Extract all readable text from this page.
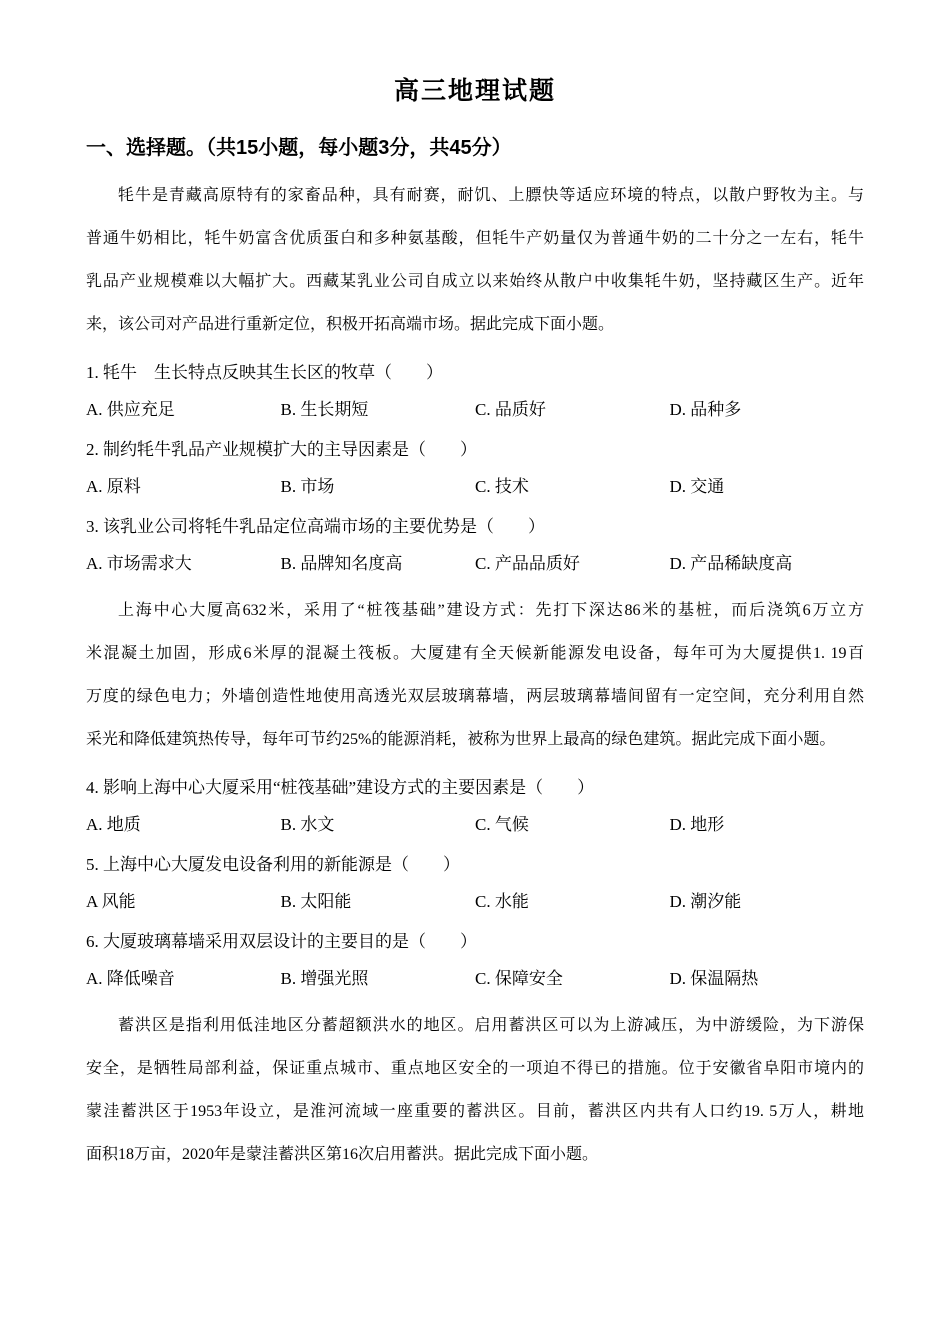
高三地理试题
一、选择题。（共15小题，每小题3分，共45分）
牦牛是青藏高原特有的家畜品种，具有耐赛，耐饥、上膘快等适应环境的特点，以散户野牧为主。与
普通牛奶相比，牦牛奶富含优质蛋白和多种氨基酸，但牦牛产奶量仅为普通牛奶的二十分之一左右，牦牛
乳品产业规模难以大幅扩大。西藏某乳业公司自成立以来始终从散户中收集牦牛奶，坚持藏区生产。近年
来，该公司对产品进行重新定位，积极开拓高端市场。据此完成下面小题。
1. 牦牛　生长特点反映其生长区的牧草（　　）
A. 供应充足	B. 生长期短	C. 品质好	D. 品种多
2. 制约牦牛乳品产业规模扩大的主导因素是（　　）
A. 原料	B. 市场	C. 技术	D. 交通
3. 该乳业公司将牦牛乳品定位高端市场的主要优势是（　　）
A. 市场需求大	B. 品牌知名度高	C. 产品品质好	D. 产品稀缺度高
上海中心大厦高632米，采用了“桩筏基础”建设方式：先打下深达86米的基桩，而后浇筑6万立方
米混凝土加固，形成6米厚的混凝土筏板。大厦建有全天候新能源发电设备，每年可为大厦提供1. 19百
万度的绿色电力；外墙创造性地使用高透光双层玻璃幕墙，两层玻璃幕墙间留有一定空间，充分利用自然
采光和降低建筑热传导，每年可节约25%的能源消耗，被称为世界上最高的绿色建筑。据此完成下面小题。
4. 影响上海中心大厦采用“桩筏基础”建设方式的主要因素是（　　）
A. 地质	B. 水文	C. 气候	D. 地形
5. 上海中心大厦发电设备利用的新能源是（　　）
A 风能	B. 太阳能	C. 水能	D. 潮汐能
6. 大厦玻璃幕墙采用双层设计的主要目的是（　　）
A. 降低噪音	B. 增强光照	C. 保障安全	D. 保温隔热
蓄洪区是指利用低洼地区分蓄超额洪水的地区。启用蓄洪区可以为上游减压，为中游缓险，为下游保
安全，是牺牲局部利益，保证重点城市、重点地区安全的一项迫不得已的措施。位于安徽省阜阳市境内的
蒙洼蓄洪区于1953年设立，是淮河流域一座重要的蓄洪区。目前，蓄洪区内共有人口约19. 5万人，耕地
面积18万亩，2020年是蒙洼蓄洪区第16次启用蓄洪。据此完成下面小题。
